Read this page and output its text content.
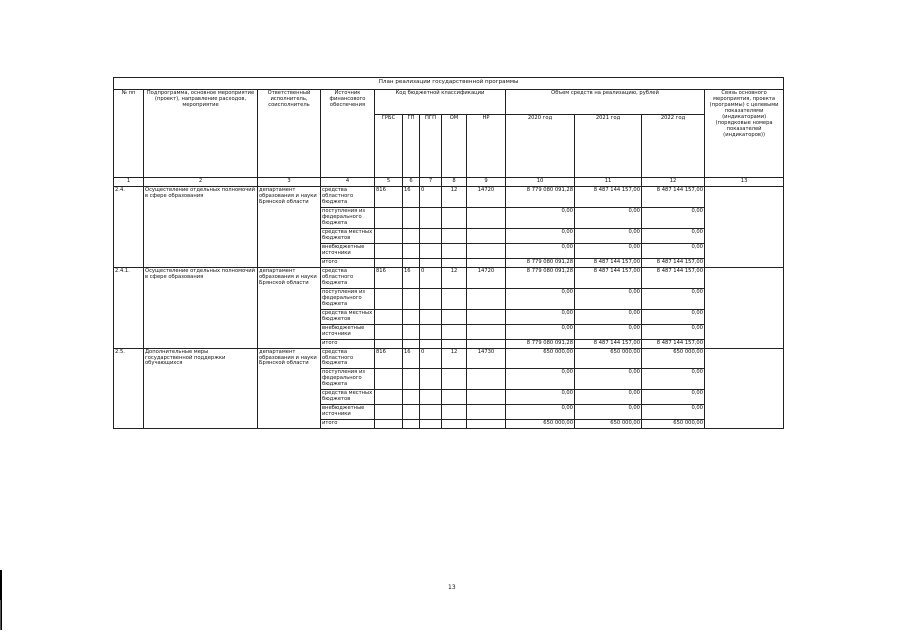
План реализации государственной программы												
№ пп	Подпрограмма, основное мероприятие (проект), направление расходов, мероприятие	Ответственный исполнитель, соисполнитель	Источник финансового обеспечения	Код бюджетной классификации					Объем средств на реализацию, рублей			Связь основного мероприятия, проекта (программы) с целевыми показателями (индикаторами) (порядковые номера показателей (индикаторов))
				ГРБС	ГП	ПГП	ОМ	НР	2020 год	2021 год	2022 год	
1	2	3	4	5	6	7	8	9	10	11	12	13
2.4.	Осуществление отдельных полномочий в сфере образования	департамент образования и науки Брянской области	средства областного бюджета	816	16	0	12	14720	8 779 080 091,28	8 487 144 157,00	8 487 144 157,00	
			поступления из федерального бюджета						0,00	0,00	0,00	
			средства местных бюджетов						0,00	0,00	0,00	
			внебюджетные источники						0,00	0,00	0,00	
			итого						8 779 080 091,28	8 487 144 157,00	8 487 144 157,00	
2.4.1.	Осуществление отдельных полномочий в сфере образования	департамент образования и науки Брянской области	средства областного бюджета	816	16	0	12	14720	8 779 080 091,28	8 487 144 157,00	8 487 144 157,00	
			поступления из федерального бюджета						0,00	0,00	0,00	
			средства местных бюджетов						0,00	0,00	0,00	
			внебюджетные источники						0,00	0,00	0,00	
			итого						8 779 080 091,28	8 487 144 157,00	8 487 144 157,00	
2.5.	Дополнительные меры государственной поддержки обучающихся	департамент образования и науки Брянской области	средства областного бюджета	816	16	0	12	14730	650 000,00	650 000,00	650 000,00	
			поступления из федерального бюджета						0,00	0,00	0,00	
			средства местных бюджетов						0,00	0,00	0,00	
			внебюджетные источники						0,00	0,00	0,00	
			итого						650 000,00	650 000,00	650 000,00	
13
